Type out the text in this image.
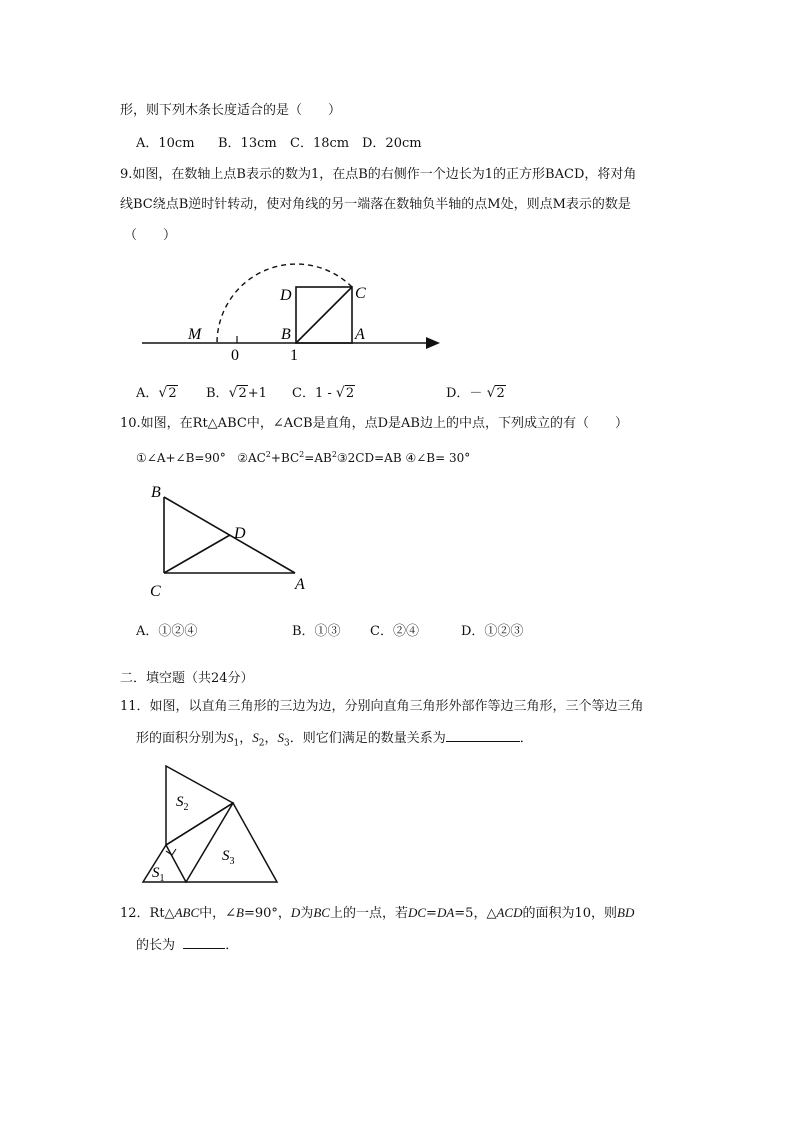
形，则下列木条长度适合的是（　　）
A．10cm B．13cm C．18cm D．20cm
9.如图，在数轴上点B表示的数为1，在点B的右侧作一个边长为1的正方形BACD，将对角
线BC绕点B逆时针转动，使对角线的另一端落在数轴负半轴的点M处，则点M表示的数是
（　　）
M
0
B
1
A
D	C
A．√2 B．√2+1 C．1 - √2	D．－ √2
10.如图，在Rt△ABC中，∠ACB是直角，点D是AB边上的中点，下列成立的有（　　）
①∠A+∠B=90° $②AC^2+BC^2=AB^2③2CD=AB$ ④∠B= 30°
B
D
C	A
A．①②④	B．①③ C．②④	D．①②③
二．填空题（共24分）
11．如图，以直角三角形的三边为边，分别向直角三角形外部作等边三角形，三个等边三角
形的面积分别为$S_1$，$S_2$，$S_3$．则它们满足的数量关系为	．
$S_2$
$S_3$
$S_1$
12．Rt△ABC中，∠B=90°，D为BC上的一点，若DC=DA=5，△ACD的面积为10，则BD
的长为	．
